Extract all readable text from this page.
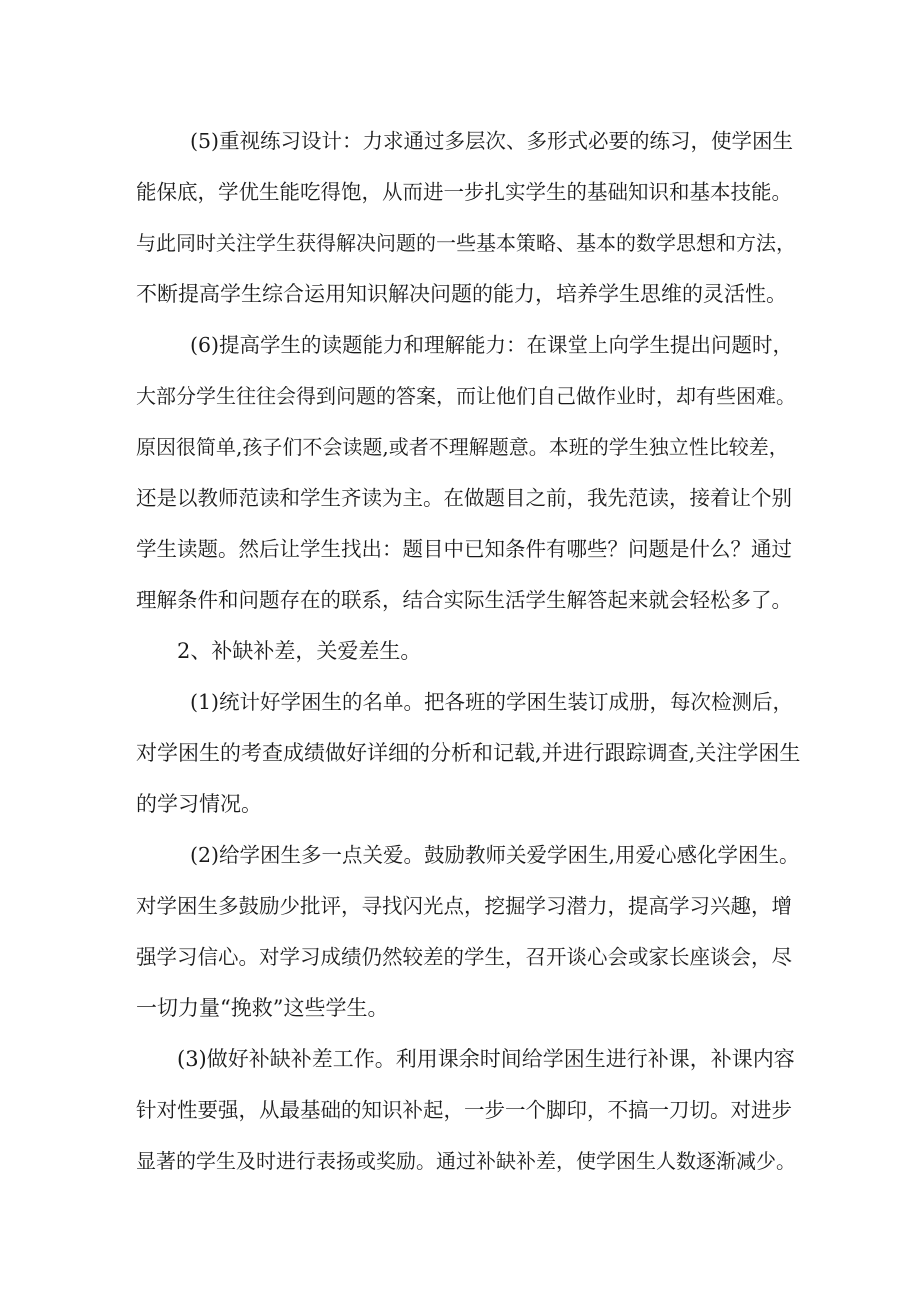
(5)重视练习设计：力求通过多层次、多形式必要的练习，使学困生
能保底，学优生能吃得饱，从而进一步扎实学生的基础知识和基本技能。
与此同时关注学生获得解决问题的一些基本策略、基本的数学思想和方法，
不断提高学生综合运用知识解决问题的能力，培养学生思维的灵活性。
(6)提高学生的读题能力和理解能力：在课堂上向学生提出问题时，
大部分学生往往会得到问题的答案，而让他们自己做作业时，却有些困难。
原因很简单,孩子们不会读题,或者不理解题意。本班的学生独立性比较差，
还是以教师范读和学生齐读为主。在做题目之前，我先范读，接着让个别
学生读题。然后让学生找出：题目中已知条件有哪些？问题是什么？通过
理解条件和问题存在的联系，结合实际生活学生解答起来就会轻松多了。
2、补缺补差，关爱差生。
(1)统计好学困生的名单。把各班的学困生装订成册，每次检测后，
对学困生的考查成绩做好详细的分析和记载,并进行跟踪调查,关注学困生
的学习情况。
(2)给学困生多一点关爱。鼓励教师关爱学困生,用爱心感化学困生。
对学困生多鼓励少批评，寻找闪光点，挖掘学习潜力，提高学习兴趣，增
强学习信心。对学习成绩仍然较差的学生，召开谈心会或家长座谈会，尽
一切力量“挽救”这些学生。
(3)做好补缺补差工作。利用课余时间给学困生进行补课，补课内容
针对性要强，从最基础的知识补起，一步一个脚印，不搞一刀切。对进步
显著的学生及时进行表扬或奖励。通过补缺补差，使学困生人数逐渐减少。
